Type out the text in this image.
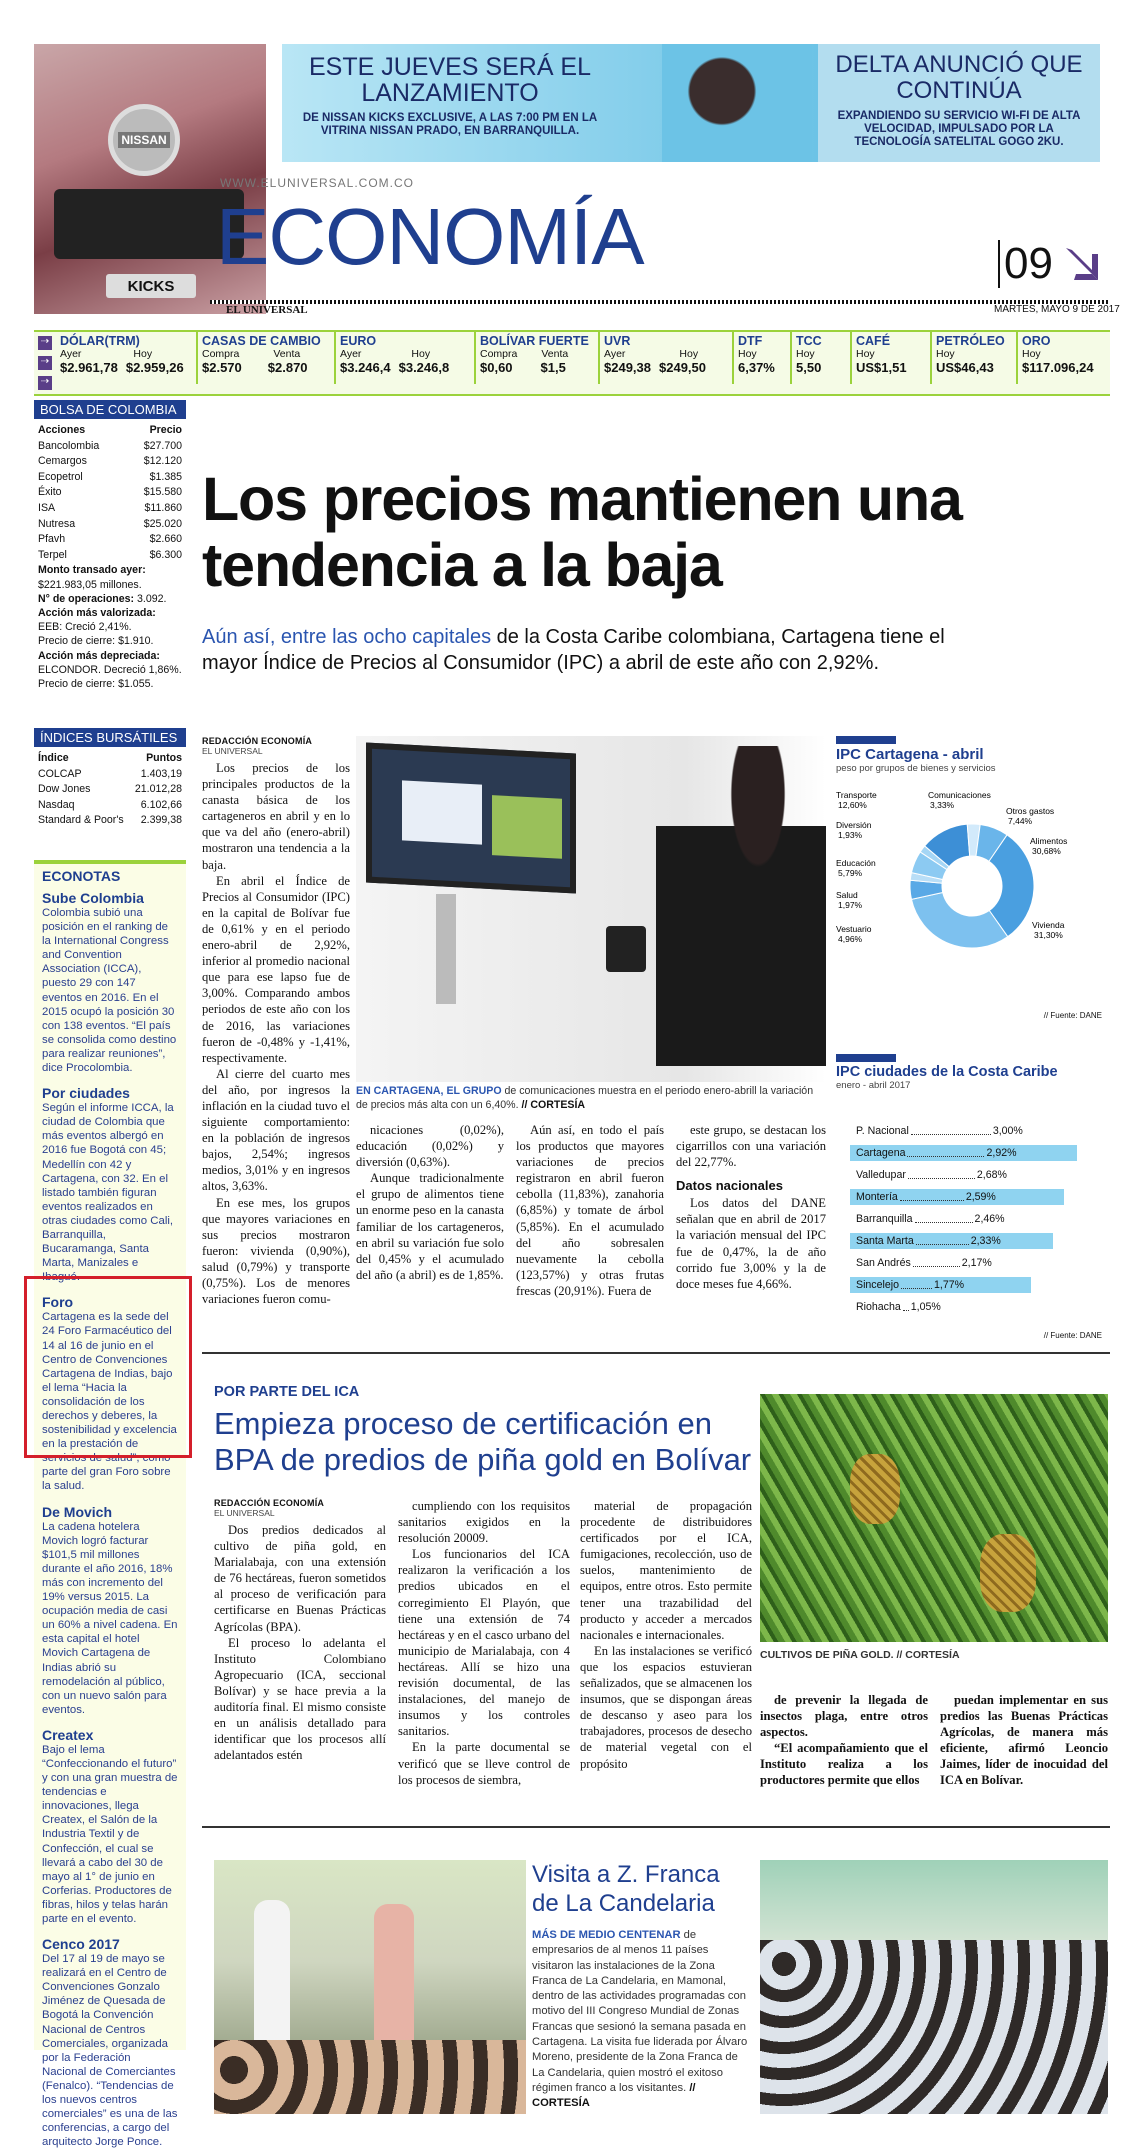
NISSAN
KICKS
ESTE JUEVES SERÁ EL LANZAMIENTO
DE NISSAN KICKS EXCLUSIVE, A LAS 7:00 PM EN LA VITRINA NISSAN PRADO, EN BARRANQUILLA.
DELTA ANUNCIÓ QUE CONTINÚA
EXPANDIENDO SU SERVICIO WI-FI DE ALTA VELOCIDAD, IMPULSADO POR LA TECNOLOGÍA SATELITAL GOGO 2KU.
WWW.ELUNIVERSAL.COM.CO
ECONOMÍA	09
EL UNIVERSAL	MARTES, MAYO 9 DE 2017
⇢
⇢
⇢
DÓLAR(TRM)
Ayer	Hoy
$2.961,78 $2.959,26
CASAS DE CAMBIO
Compra	Venta
$2.570 $2.870
EURO
Ayer	Hoy
$3.246,4 $3.246,8
BOLÍVAR FUERTE
Compra Venta
$0,60 $1,5
UVR
Ayer	Hoy
$249,38 $249,50
DTF
Hoy
6,37%
TCC
Hoy
5,50
CAFÉ
Hoy
US$1,51
PETRÓLEO
Hoy
US$46,43
ORO
Hoy
$117.096,24
BOLSA DE COLOMBIA
Acciones	Precio
Bancolombia	$27.700
Cemargos	$12.120
Ecopetrol	$1.385
Éxito	$15.580
ISA	$11.860
Nutresa	$25.020
Pfavh	$2.660
Terpel	$6.300
Monto transado ayer:
$221.983,05 millones.
N° de operaciones: 3.092.
Acción más valorizada:
EEB: Creció 2,41%.
Precio de cierre: $1.910.
Acción más depreciada:
ELCONDOR. Decreció 1,86%.
Precio de cierre: $1.055.
ÍNDICES BURSÁTILES
Índice	Puntos
COLCAP	1.403,19
Dow Jones	21.012,28
Nasdaq	6.102,66
Standard & Poor's 2.399,38
ECONOTAS
Sube Colombia

Colombia subió una posición en el ranking de la International Congress and Convention Association (ICCA), puesto 29 con 147 eventos en 2016. En el 2015 ocupó la posición 30 con 138 eventos. “El país se consolida como destino para realizar reuniones”, dice Procolombia.

Por ciudades

Según el informe ICCA, la ciudad de Colombia que más eventos albergó en 2016 fue Bogotá con 45; Medellín con 42 y Cartagena, con 32. En el listado también figuran eventos realizados en otras ciudades como Cali, Barranquilla, Bucaramanga, Santa Marta, Manizales e Ibagué.

Foro

Cartagena es la sede del 24 Foro Farmacéutico del 14 al 16 de junio en el Centro de Convenciones Cartagena de Indias, bajo el lema “Hacia la consolidación de los derechos y deberes, la sostenibilidad y excelencia en la prestación de servicios de salud”, como parte del gran Foro sobre la salud.

De Movich

La cadena hotelera Movich logró facturar $101,5 mil millones durante el año 2016, 18% más con incremento del 19% versus 2015. La ocupación media de casi un 60% a nivel cadena. En esta capital el hotel Movich Cartagena de Indias abrió su remodelación al público, con un nuevo salón para eventos.

Createx

Bajo el lema “Confeccionando el futuro” y con una gran muestra de tendencias e innovaciones, llega Createx, el Salón de la Industria Textil y de Confección, el cual se llevará a cabo del 30 de mayo al 1° de junio en Corferias. Productores de fibras, hilos y telas harán parte en el evento.

Cenco 2017

Del 17 al 19 de mayo se realizará en el Centro de Convenciones Gonzalo Jiménez de Quesada de Bogotá la Convención Nacional de Centros Comerciales, organizada por la Federación Nacional de Comerciantes (Fenalco). “Tendencias de los nuevos centros comerciales” es una de las conferencias, a cargo del arquitecto Jorge Ponce.

Los precios mantienen una tendencia a la baja
Aún así, entre las ocho capitales de la Costa Caribe colombiana, Cartagena tiene el mayor Índice de Precios al Consumidor (IPC) a abril de este año con 2,92%.
EN CARTAGENA, EL GRUPO de comunicaciones muestra en el periodo enero-abrill la variación de precios más alta con un 6,40%. // CORTESÍA
REDACCIÓN ECONOMÍA
EL UNIVERSAL

Los precios de los principales productos de la canasta básica de los cartageneros en abril y en lo que va del año (enero-abril) mostraron una tendencia a la baja.

En abril el Índice de Precios al Consumidor (IPC) en la capital de Bolívar fue de 0,61% y en el periodo enero-abril de 2,92%, inferior al promedio nacional que para ese lapso fue de 3,00%. Comparando ambos periodos de este año con los de 2016, las variaciones fueron de -0,48% y -1,41%, respectivamente.

Al cierre del cuarto mes del año, por ingresos la inflación en la ciudad tuvo el siguiente comportamiento: en la población de ingresos bajos, 2,54%; ingresos medios, 3,01% y en ingresos altos, 3,63%.

En ese mes, los grupos que mayores variaciones en sus precios mostraron fueron: vivienda (0,90%), salud (0,79%) y transporte (0,75%). Los de menores variaciones fueron comu-

nicaciones (0,02%), educación (0,02%) y diversión (0,63%).

Aunque tradicionalmente el grupo de alimentos tiene un enorme peso en la canasta familiar de los cartageneros, en abril su variación fue solo del 0,45% y el acumulado del año (a abril) es de 1,85%.

Aún así, en todo el país los productos que mayores variaciones de precios registraron en abril fueron cebolla (11,83%), zanahoria (6,85%) y tomate de árbol (5,85%). En el acumulado del año sobresalen nuevamente la cebolla (123,57%) y otras frutas frescas (20,91%). Fuera de

este grupo, se destacan los cigarrillos con una variación del 22,77%.

Datos nacionales

Los datos del DANE señalan que en abril de 2017 la variación mensual del IPC fue de 0,47%, la de año corrido fue 3,00% y la de doce meses fue 4,66%.

IPC Cartagena - abril
peso por grupos de bienes y servicios
Transporte
12,60%
Comunicaciones
3,33%
Otros gastos
7,44%
Diversión
1,93%
Alimentos
30,68%
Educación
5,79%
Salud
1,97%
Vestuario
4,96%
Vivienda
31,30%
// Fuente: DANE
IPC ciudades de la Costa Caribe
enero - abril 2017
P. Nacional	3,00%
Cartagena	2,92%
Valledupar	2,68%
Montería	2,59%
Barranquilla	2,46%
Santa Marta	2,33%
San Andrés	2,17%
Sincelejo	1,77%
Riohacha 1,05%
// Fuente: DANE
POR PARTE DEL ICA
Empieza proceso de certificación en BPA de predios de piña gold en Bolívar
CULTIVOS DE PIÑA GOLD. // CORTESÍA
REDACCIÓN ECONOMÍA
EL UNIVERSAL

Dos predios dedicados al cultivo de piña gold, en Marialabaja, con una extensión de 76 hectáreas, fueron sometidos al proceso de verificación para certificarse en Buenas Prácticas Agrícolas (BPA).

El proceso lo adelanta el Instituto Colombiano Agropecuario (ICA, seccional Bolívar) y se hace previa a la auditoría final. El mismo consiste en un análisis detallado para identificar que los procesos allí adelantados estén

cumpliendo con los requisitos sanitarios exigidos en la resolución 20009.

Los funcionarios del ICA realizaron la verificación a los predios ubicados en el corregimiento El Playón, que tiene una extensión de 74 hectáreas y en el casco urbano del municipio de Marialabaja, con 4 hectáreas. Allí se hizo una revisión documental, de las instalaciones, del manejo de insumos y los controles sanitarios.

En la parte documental se verificó que se lleve control de los procesos de siembra,

material de propagación procedente de distribuidores certificados por el ICA, fumigaciones, recolección, uso de suelos, mantenimiento de equipos, entre otros. Esto permite tener una trazabilidad del producto y acceder a mercados nacionales e internacionales.

En las instalaciones se verificó que los espacios estuvieran señalizados, que se almacenen los insumos, que se dispongan áreas de descanso y aseo para los trabajadores, procesos de desecho de material vegetal con el propósito

de prevenir la llegada de insectos plaga, entre otros aspectos.

“El acompañamiento que el Instituto realiza a los productores permite que ellos

puedan implementar en sus predios las Buenas Prácticas Agrícolas, de manera más eficiente, afirmó Leoncio Jaimes, líder de inocuidad del ICA en Bolívar.

Visita a Z. Franca de La Candelaria
MÁS DE MEDIO CENTENAR de empresarios de al menos 11 países visitaron las instalaciones de la Zona Franca de La Candelaria, en Mamonal, dentro de las actividades programadas con motivo del III Congreso Mundial de Zonas Francas que sesionó la semana pasada en Cartagena. La visita fue liderada por Álvaro Moreno, presidente de la Zona Franca de La Candelaria, quien mostró el exitoso régimen franco a los visitantes. // CORTESÍA
